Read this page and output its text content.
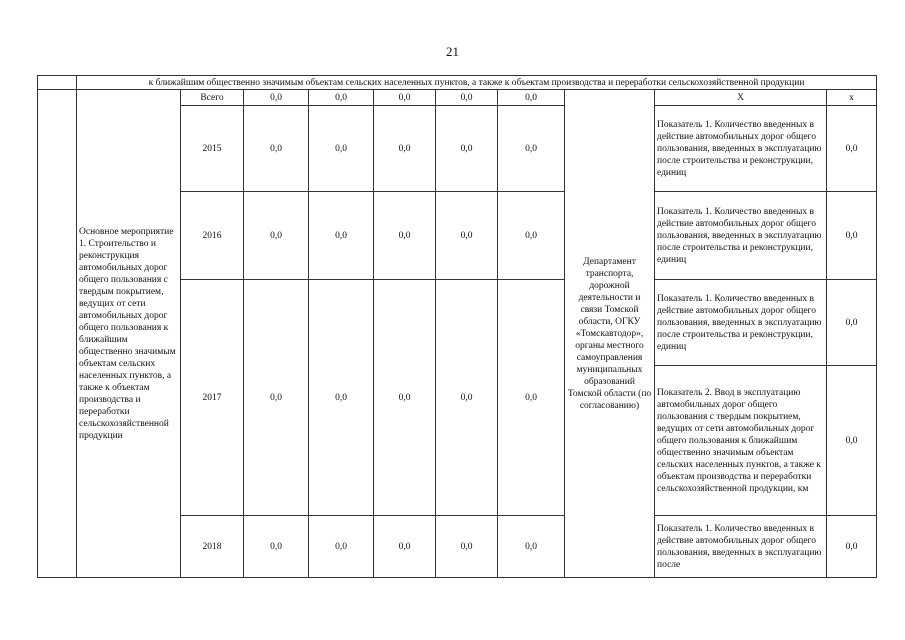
21
	к ближайшим общественно значимым объектам сельских населенных пунктов, а также к объектам производства и переработки сельскохозяйственной продукции									
	Основное мероприятие 1. Строительство и реконструкция автомобильных дорог общего пользования с твердым покрытием, ведущих от сети автомобильных дорог общего пользования к ближайшим общественно значимым объектам сельских населенных пунктов, а также к объектам производства и переработки сельскохозяйственной продукции	Всего	0,0	0,0	0,0	0,0	0,0	Департамент транспорта, дорожной деятельности и связи Томской области, ОГКУ «Томскавтодор», органы местного самоуправления муниципальных образований Томской области (по согласованию)	Х	х
		2015	0,0	0,0	0,0	0,0	0,0		Показатель 1. Количество введенных в действие автомобильных дорог общего пользования, введенных в эксплуатацию после строительства и реконструкции, единиц	0,0
		2016	0,0	0,0	0,0	0,0	0,0		Показатель 1. Количество введенных в действие автомобильных дорог общего пользования, введенных в эксплуатацию после строительства и реконструкции, единиц	0,0
		2017	0,0	0,0	0,0	0,0	0,0		Показатель 1. Количество введенных в действие автомобильных дорог общего пользования, введенных в эксплуатацию после строительства и реконструкции, единиц	0,0
									Показатель 2. Ввод в эксплуатацию автомобильных дорог общего пользования с твердым покрытием, ведущих от сети автомобильных дорог общего пользования к ближайшим общественно значимым объектам сельских населенных пунктов, а также к объектам производства и переработки сельскохозяйственной продукции, км	0,0
		2018	0,0	0,0	0,0	0,0	0,0		Показатель 1. Количество введенных в действие автомобильных дорог общего пользования, введенных в эксплуатацию после	0,0
